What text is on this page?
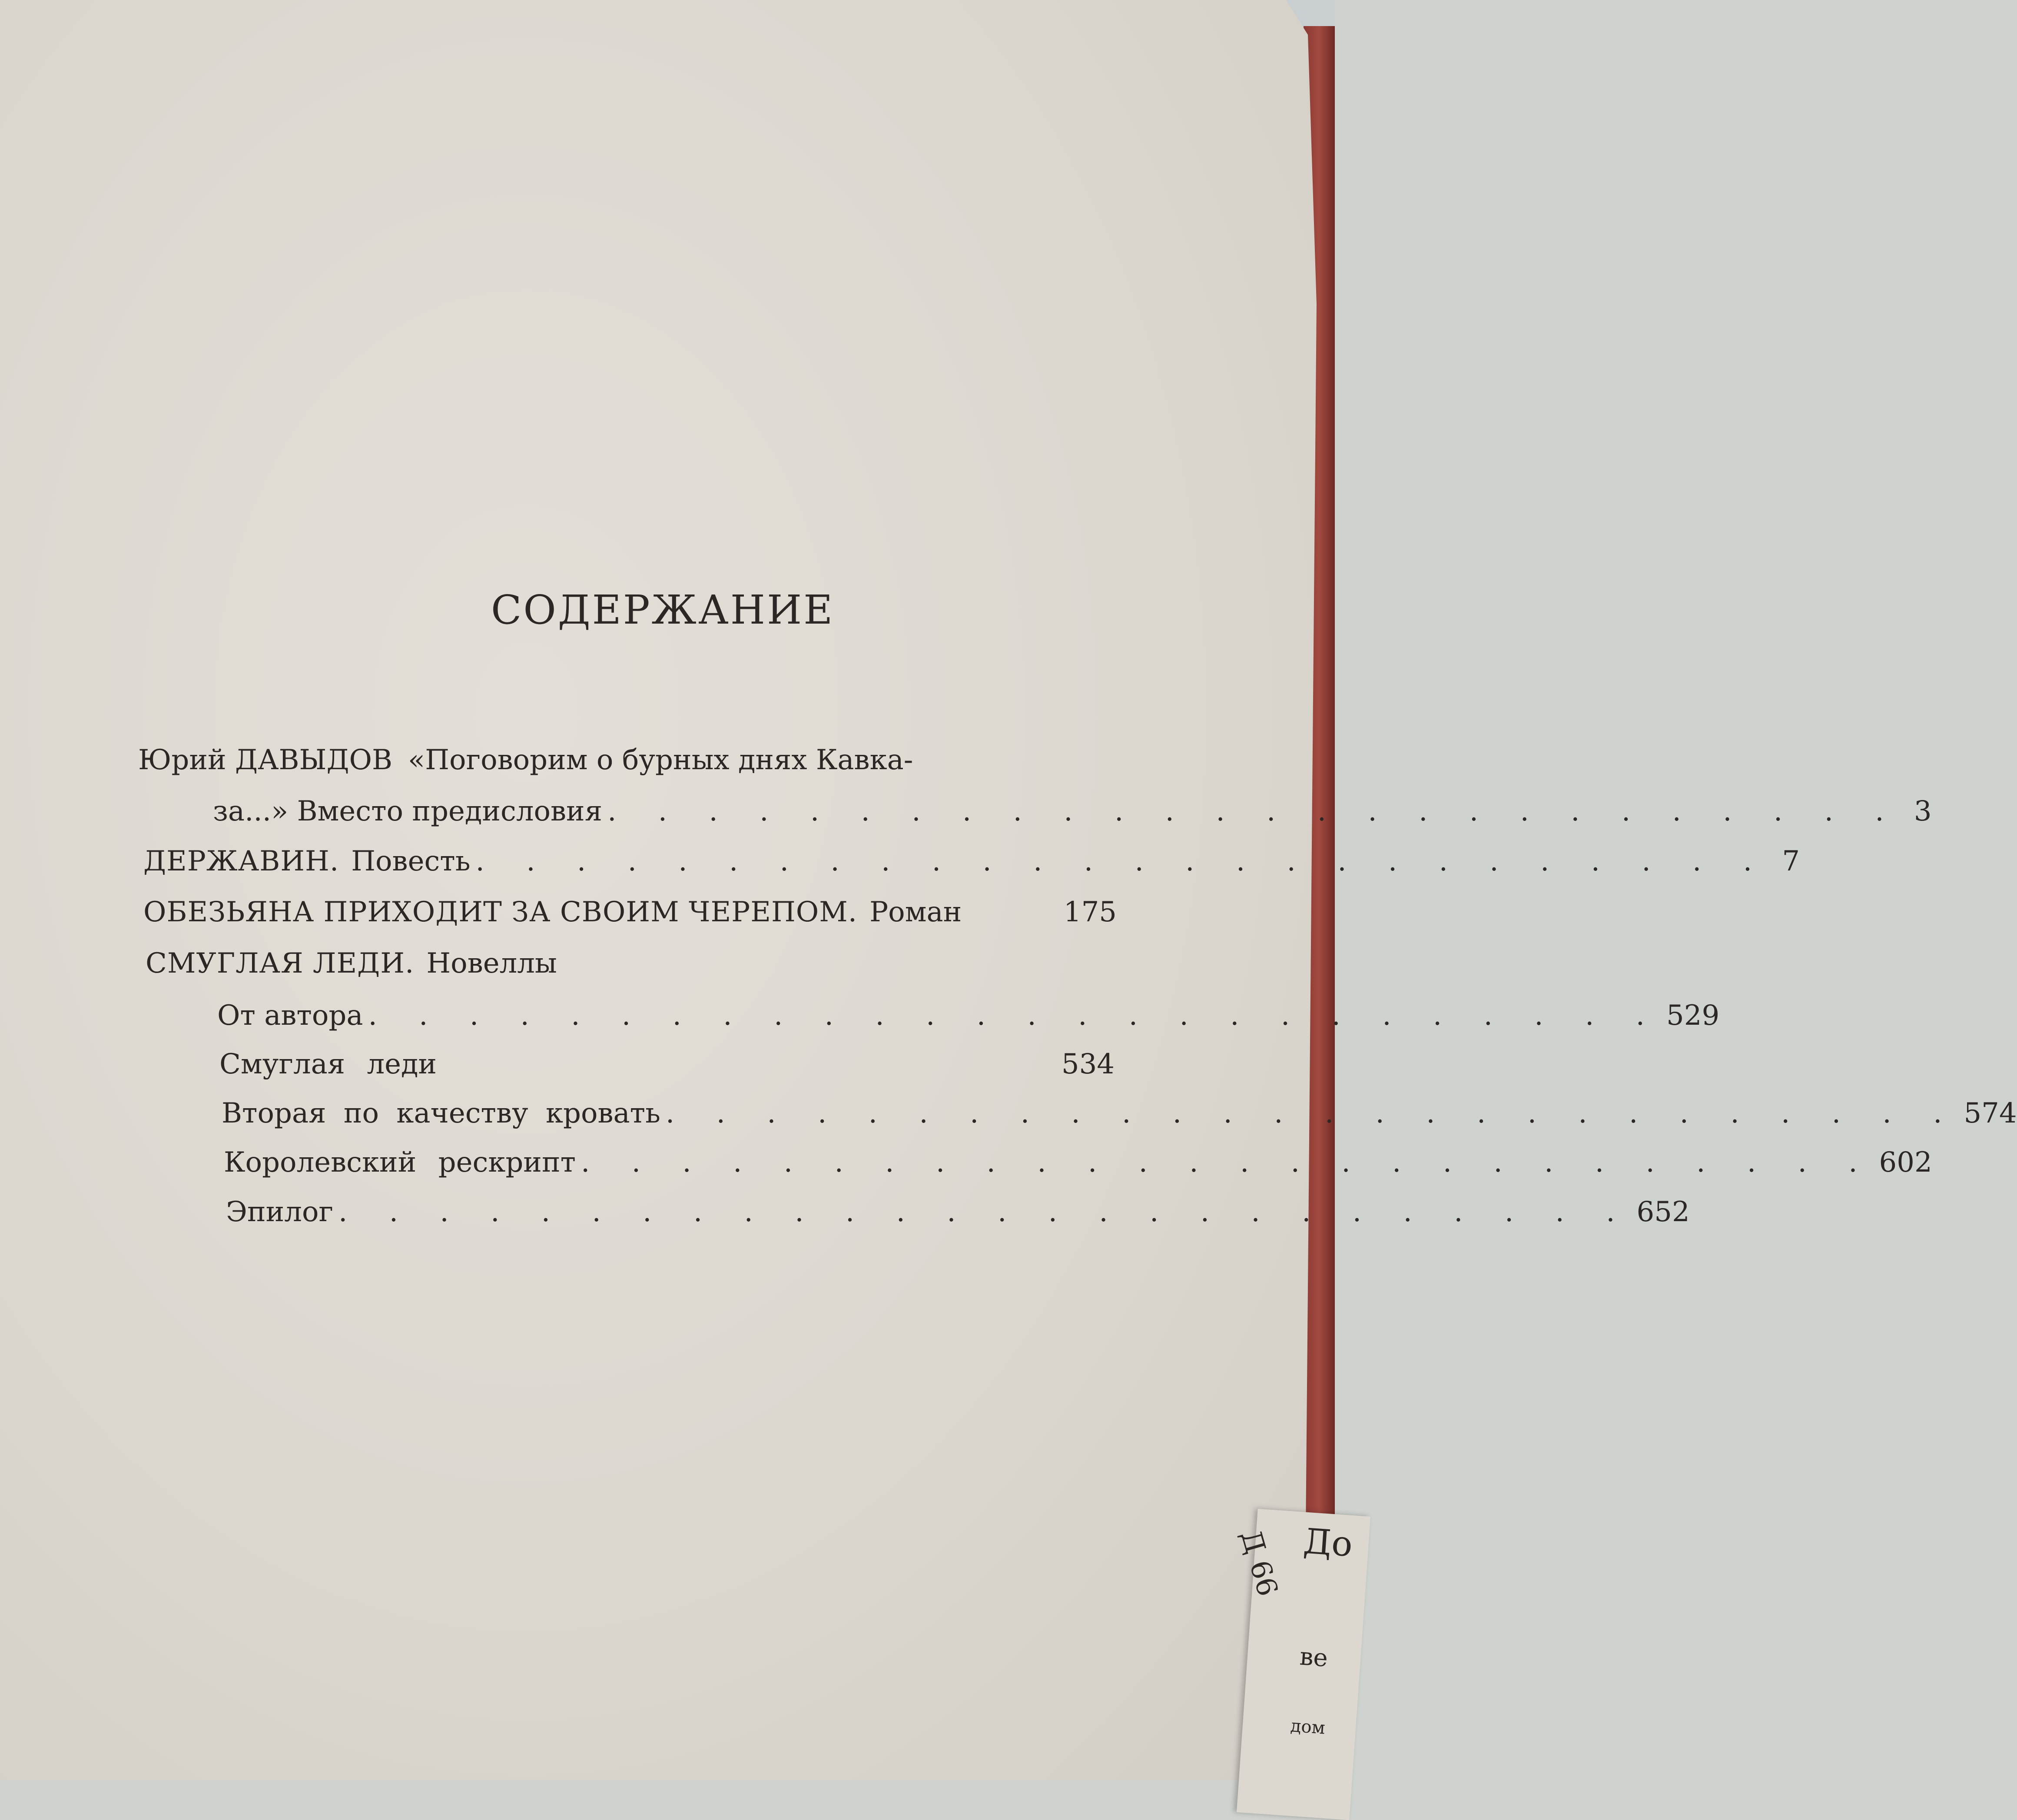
Д 66 До
ве
дом
СОДЕРЖАНИЕ
Юрий ДАВЫДОВ «Поговорим о бурных днях Кавка-
за...» Вместо предисловия . . . . . . . . . . . . . . . . . . . . . . . . . . 3
ДЕРЖАВИН. Повесть . . . . . . . . . . . . . . . . . . . . . . . . . . 7
ОБЕЗЬЯНА ПРИХОДИТ ЗА СВОИМ ЧЕРЕПОМ. Роман	175
СМУГЛАЯ ЛЕДИ. Новеллы
От автора . . . . . . . . . . . . . . . . . . . . . . . . . . 529
Смуглая леди	534
Вторая по качеству кровать . . . . . . . . . . . . . . . . . . . . . . . . . . 574
Королевский рескрипт . . . . . . . . . . . . . . . . . . . . . . . . . . 602
Эпилог . . . . . . . . . . . . . . . . . . . . . . . . . . 652
